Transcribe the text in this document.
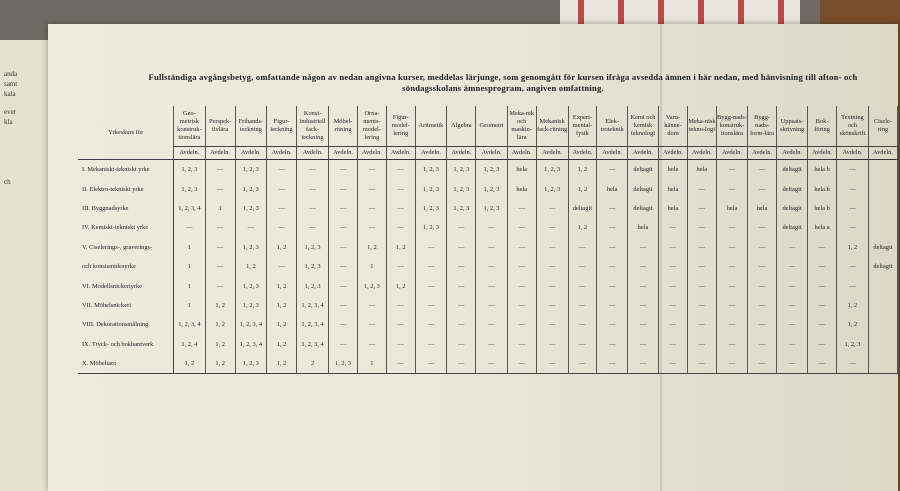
anda
samt
kala
ever
kla
ch
Fullständiga avgångsbetyg, omfattande någon av nedan angivna kurser, meddelas lärjunge, som genomgått för kursen ifråga avsedda ämnen i här nedan, med hänvisning till afton- och
söndagsskolans ämnesprogram, angiven omfattning.
Yrkeskurs för	Geo-metrisk konstruk-tionslära	Perspek-tivlära	Frihands-teckning	Figur-teckning	Konst-industriell fack-teckning	Möbel-ritning	Orna-ments-model-lering	Figur-model-lering	Aritmetik	Algebra	Geometri	Meka-nik och maskin-lära	Mekanisk fack-ritning	Experi-mental-fysik	Elek-troteknik	Kemi och kemisk teknologi	Varu-känne-dom	Meka-nisk tekno-logi	Bygg-nads-konstruk-tionslära	Bygg-nads-form-lära	Uppsats-skrivning	Bok-föring	Textning och skönskrift	Cisele-ring
	Avdeln.	Avdeln.	Avdeln.	Avdeln.	Avdeln.	Avdeln.	Avdeln.	Avdeln.	Avdeln.	Avdeln.	Avdeln.	Avdeln.	Avdeln.	Avdeln.	Avdeln.	Avdeln.	Avdeln.	Avdeln.	Avdeln.	Avdeln.	Avdeln.	Avdeln.	Avdeln.	Avdeln.
I. Mekaniskt-tekniskt yrke	1, 2, 3	—	1, 2, 3	—	—	—	—	—	1, 2, 3	1, 2, 3	1, 2, 3	hela	1, 2, 3	1, 2	—	deltagit	hela	hela	—	—	deltagit	hela b	—	
II. Elektro-tekniskt yrke	1, 2, 3	—	1, 2, 3	—	—	—	—	—	1, 2, 3	1, 2, 3	1, 2, 3	hela	1, 2, 3	1, 2	hela	deltagit	hela	—	—	—	deltagit	hela b	—	
III. Byggnadsyrke	1, 2, 3, 4	1	1, 2, 3	—	—	—	—	—	1, 2, 3	1, 2, 3	1, 2, 3	—	—	deltagit	—	deltagit	hela	—	hela	hela	deltagit	hela b	—	
IV. Kemiskt-tekniskt yrke	—	—	—	—	—	—	—	—	1, 2, 3	—	—	—	—	1, 2	—	hela	—	—	—	—	deltagit	hela a	—	
V. Ciselerings-, graverings-	1	—	1, 2, 3	1, 2	1, 2, 3	—	1, 2	1, 2	—	—	—	—	—	—	—	—	—	—	—	—	—	—	1, 2	deltagit
och konstsmidesyrke	1	—	1, 2	—	1, 2, 3	—	1	—	—	—	—	—	—	—	—	—	—	—	—	—	—	—	—	deltagit
VI. Modellsnickeriyrke	1	—	1, 2, 3	1, 2	1, 2, 3	—	1, 2, 3	1, 2	—	—	—	—	—	—	—	—	—	—	—	—	—	—	—	
VII. Möbelsnickeri	1	1, 2	1, 2, 3	1, 2	1, 2, 3, 4	—	—	—	—	—	—	—	—	—	—	—	—	—	—	—	—	—	1, 2	
VIII. Dekorationsmålning	1, 2, 3, 4	1, 2	1, 2, 3, 4	1, 2	1, 2, 3, 4	—	—	—	—	—	—	—	—	—	—	—	—	—	—	—	—	—	1, 2	
IX. Tryck- och bokhantverk	1, 2, 4	1, 2	1, 2, 3, 4	1, 2	1, 2, 3, 4	—	—	—	—	—	—	—	—	—	—	—	—	—	—	—	—	—	1, 2, 3	
X. Möbeltaro	1, 2	1, 2	1, 2, 3	1, 2	2	1, 2, 3	1	—	—	—	—	—	—	—	—	—	—	—	—	—	—	—	—	
